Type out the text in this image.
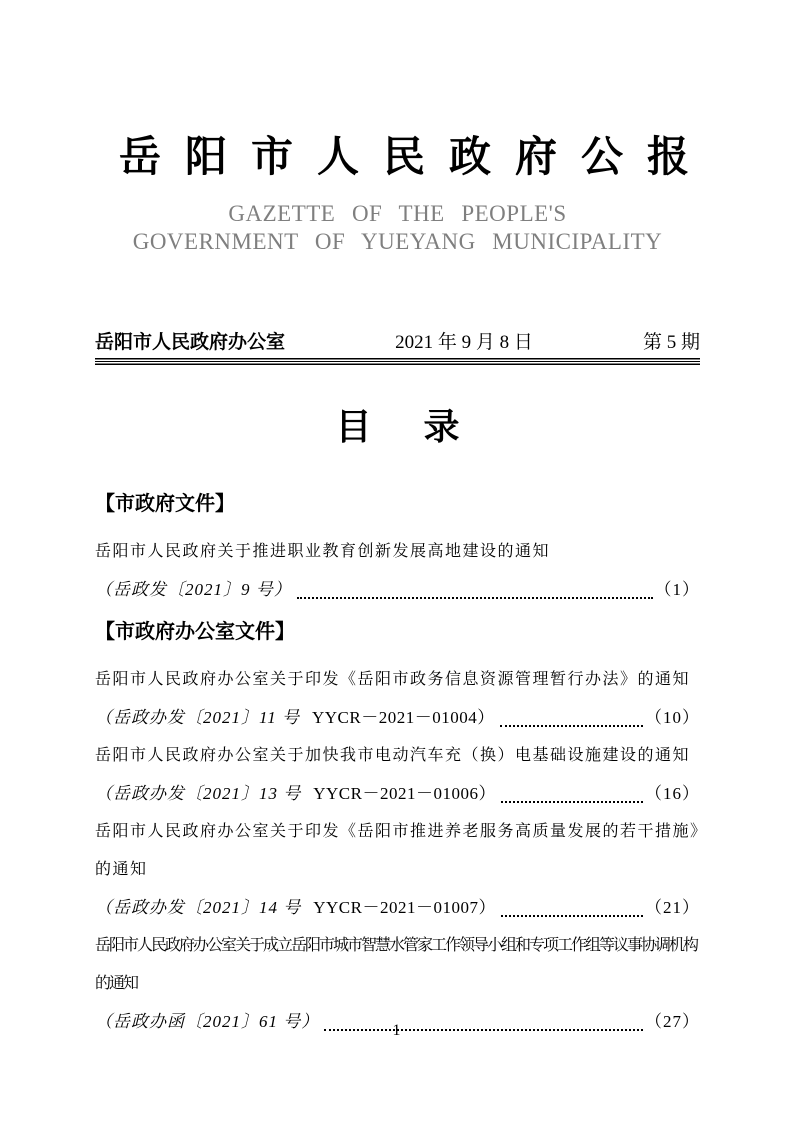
岳阳市人民政府公报
GAZETTE OF THE PEOPLE'S
GOVERNMENT OF YUEYANG MUNICIPALITY
岳阳市人民政府办公室	2021 年 9 月 8 日	第 5 期
目　录
【市政府文件】
岳阳市人民政府关于推进职业教育创新发展高地建设的通知
（岳政发〔2021〕9 号）	（1）
【市政府办公室文件】
岳阳市人民政府办公室关于印发《岳阳市政务信息资源管理暂行办法》的通知
（岳政办发〔2021〕11 号 YYCR－2021－01004）	（10）
岳阳市人民政府办公室关于加快我市电动汽车充（换）电基础设施建设的通知
（岳政办发〔2021〕13 号 YYCR－2021－01006）	（16）
岳阳市人民政府办公室关于印发《岳阳市推进养老服务高质量发展的若干措施》的通知
（岳政办发〔2021〕14 号 YYCR－2021－01007）	（21）
岳阳市人民政府办公室关于成立岳阳市城市智慧水管家工作领导小组和专项工作组等议事协调机构的通知
（岳政办函〔2021〕61 号）	（27）
1
